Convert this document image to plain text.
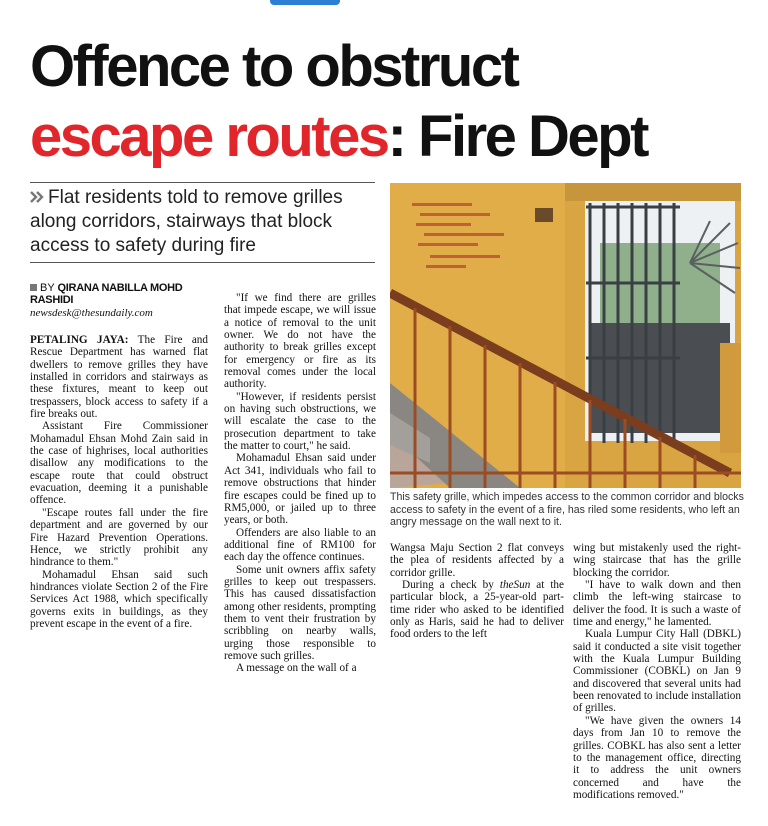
Offence to obstruct
escape routes: Fire Dept
Flat residents told to remove grilles along corridors, stairways that block access to safety during fire
BY QIRANA NABILLA MOHD
RASHIDI
newsdesk@thesundaily.com

PETALING JAYA: The Fire and Rescue Department has warned flat dwellers to remove grilles they have installed in corridors and stairways as these fixtures, meant to keep out trespassers, block access to safety if a fire breaks out.

Assistant Fire Commissioner Mohamadul Ehsan Mohd Zain said in the case of highrises, local authorities disallow any modifications to the escape route that could obstruct evacuation, deeming it a punishable offence.

"Escape routes fall under the fire department and are governed by our Fire Hazard Prevention Operations. Hence, we strictly prohibit any hindrance to them."

Mohamadul Ehsan said such hindrances violate Section 2 of the Fire Services Act 1988, which specifically governs exits in buildings, as they prevent escape in the event of a fire.

"If we find there are grilles that impede escape, we will issue a notice of removal to the unit owner. We do not have the authority to break grilles except for emergency or fire as its removal comes under the local authority.

"However, if residents persist on having such obstructions, we will escalate the case to the prosecution department to take the matter to court," he said.

Mohamadul Ehsan said under Act 341, individuals who fail to remove obstructions that hinder fire escapes could be fined up to RM5,000, or jailed up to three years, or both.

Offenders are also liable to an additional fine of RM100 for each day the offence continues.

Some unit owners affix safety grilles to keep out trespassers. This has caused dissatisfaction among other residents, prompting them to vent their frustration by scribbling on nearby walls, urging those responsible to remove such grilles.

A message on the wall of a

This safety grille, which impedes access to the common corridor and blocks access to safety in the event of a fire, has riled some residents, who left an angry message on the wall next to it.

Wangsa Maju Section 2 flat conveys the plea of residents affected by a corridor grille.

During a check by theSun at the particular block, a 25-year-old part-time rider who asked to be identified only as Haris, said he had to deliver food orders to the left

wing but mistakenly used the right-wing staircase that has the grille blocking the corridor.

"I have to walk down and then climb the left-wing staircase to deliver the food. It is such a waste of time and energy," he lamented.

Kuala Lumpur City Hall (DBKL) said it conducted a site visit together with the Kuala Lumpur Building Commissioner (COBKL) on Jan 9 and discovered that several units had been renovated to include installation of grilles.

"We have given the owners 14 days from Jan 10 to remove the grilles. COBKL has also sent a letter to the management office, directing it to address the unit owners concerned and have the modifications removed."
